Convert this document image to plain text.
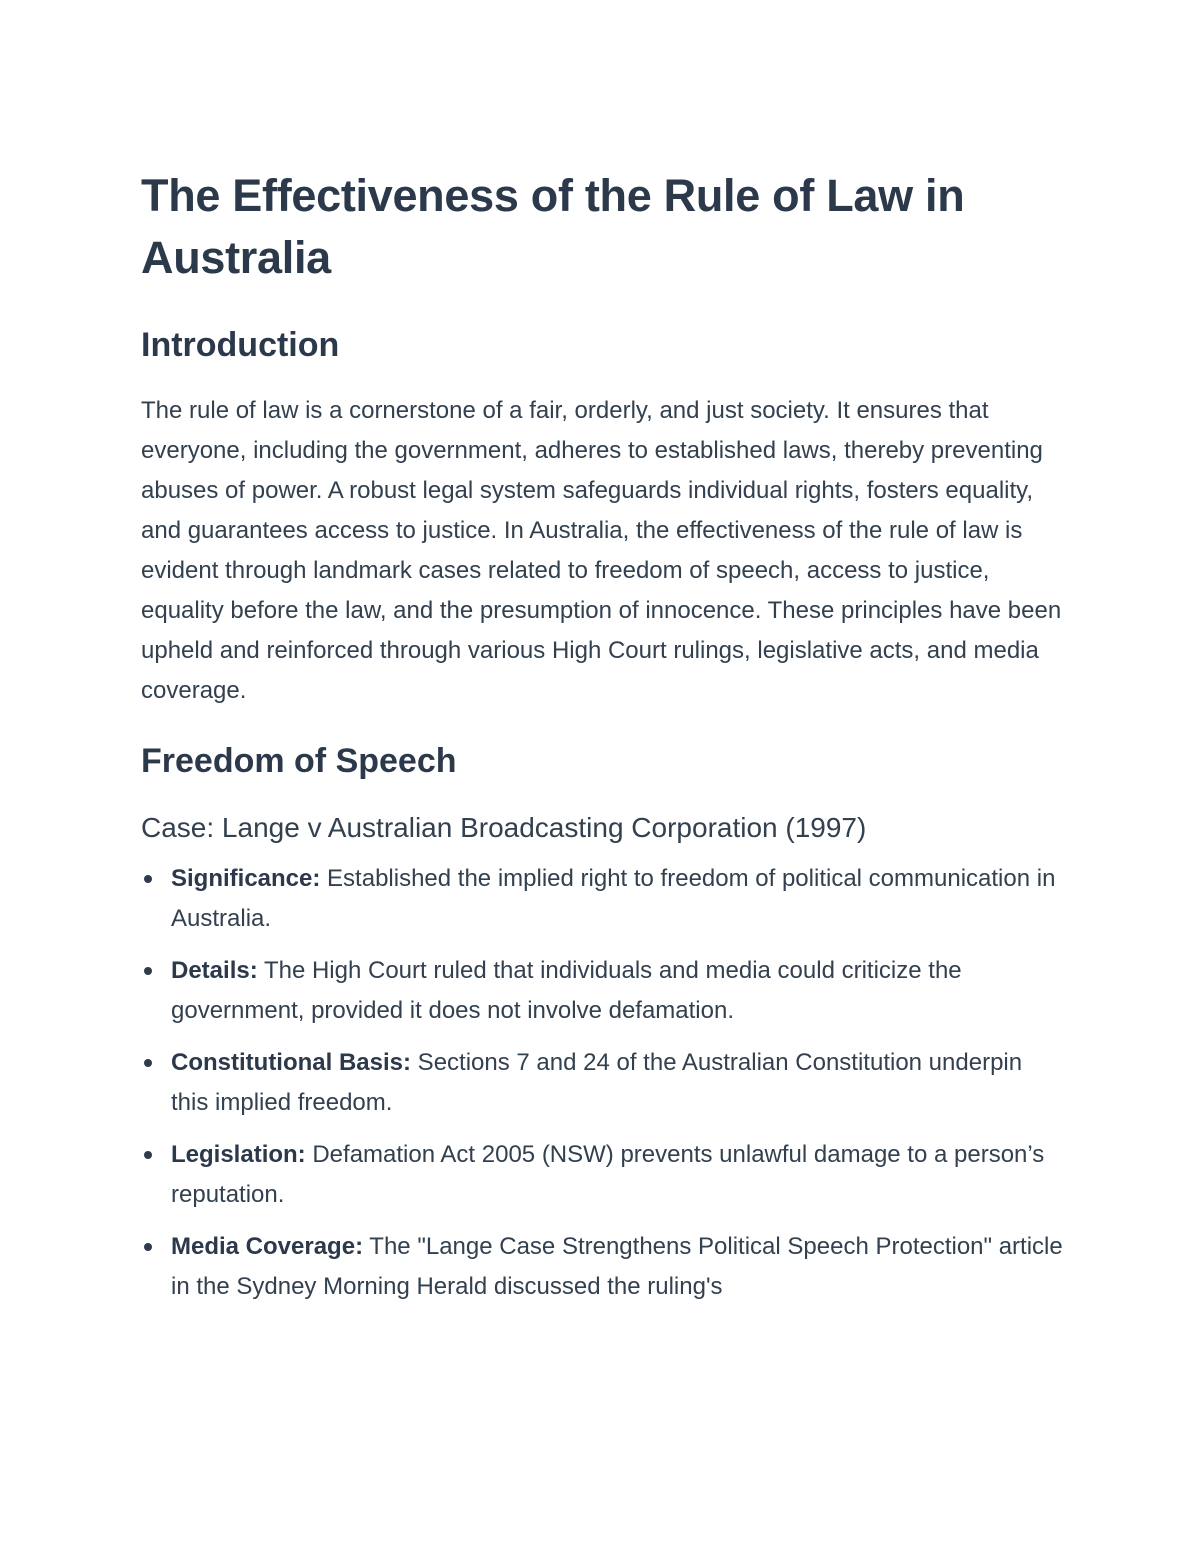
The Effectiveness of the Rule of Law in Australia
Introduction

The rule of law is a cornerstone of a fair, orderly, and just society. It ensures that everyone, including the government, adheres to established laws, thereby preventing abuses of power. A robust legal system safeguards individual rights, fosters equality, and guarantees access to justice. In Australia, the effectiveness of the rule of law is evident through landmark cases related to freedom of speech, access to justice, equality before the law, and the presumption of innocence. These principles have been upheld and reinforced through various High Court rulings, legislative acts, and media coverage.

Freedom of Speech
Case: Lange v Australian Broadcasting Corporation (1997)
Significance: Established the implied right to freedom of political communication in Australia.
Details: The High Court ruled that individuals and media could criticize the government, provided it does not involve defamation.
Constitutional Basis: Sections 7 and 24 of the Australian Constitution underpin this implied freedom.
Legislation: Defamation Act 2005 (NSW) prevents unlawful damage to a person’s reputation.
Media Coverage: The "Lange Case Strengthens Political Speech Protection" article in the Sydney Morning Herald discussed the ruling's
